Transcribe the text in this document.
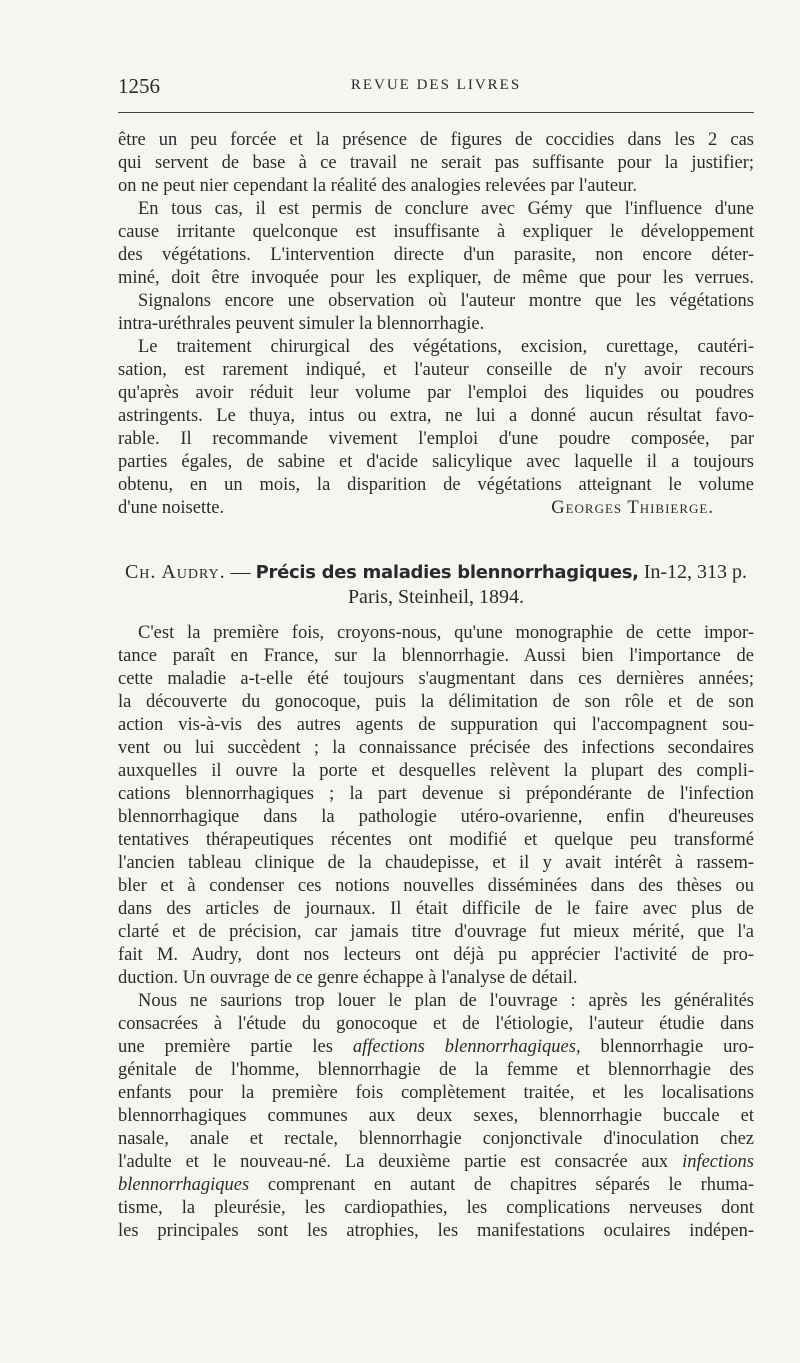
1256	REVUE DES LIVRES
être un peu forcée et la présence de figures de coccidies dans les 2 cas
qui servent de base à ce travail ne serait pas suffisante pour la justifier;
on ne peut nier cependant la réalité des analogies relevées par l'auteur.
En tous cas, il est permis de conclure avec Gémy que l'influence d'une
cause irritante quelconque est insuffisante à expliquer le développement
des végétations. L'intervention directe d'un parasite, non encore déter-
miné, doit être invoquée pour les expliquer, de même que pour les verrues.
Signalons encore une observation où l'auteur montre que les végétations
intra-uréthrales peuvent simuler la blennorrhagie.
Le traitement chirurgical des végétations, excision, curettage, cautéri-
sation, est rarement indiqué, et l'auteur conseille de n'y avoir recours
qu'après avoir réduit leur volume par l'emploi des liquides ou poudres
astringents. Le thuya, intus ou extra, ne lui a donné aucun résultat favo-
rable. Il recommande vivement l'emploi d'une poudre composée, par
parties égales, de sabine et d'acide salicylique avec laquelle il a toujours
obtenu, en un mois, la disparition de végétations atteignant le volume
d'une noisette.	Georges Thibierge.
Ch. Audry. — Précis des maladies blennorrhagiques, In-12, 313 p.
Paris, Steinheil, 1894.
C'est la première fois, croyons-nous, qu'une monographie de cette impor-
tance paraît en France, sur la blennorrhagie. Aussi bien l'importance de
cette maladie a-t-elle été toujours s'augmentant dans ces dernières années;
la découverte du gonocoque, puis la délimitation de son rôle et de son
action vis-à-vis des autres agents de suppuration qui l'accompagnent sou-
vent ou lui succèdent ; la connaissance précisée des infections secondaires
auxquelles il ouvre la porte et desquelles relèvent la plupart des compli-
cations blennorrhagiques ; la part devenue si prépondérante de l'infection
blennorrhagique dans la pathologie utéro-ovarienne, enfin d'heureuses
tentatives thérapeutiques récentes ont modifié et quelque peu transformé
l'ancien tableau clinique de la chaudepisse, et il y avait intérêt à rassem-
bler et à condenser ces notions nouvelles disséminées dans des thèses ou
dans des articles de journaux. Il était difficile de le faire avec plus de
clarté et de précision, car jamais titre d'ouvrage fut mieux mérité, que l'a
fait M. Audry, dont nos lecteurs ont déjà pu apprécier l'activité de pro-
duction. Un ouvrage de ce genre échappe à l'analyse de détail.
Nous ne saurions trop louer le plan de l'ouvrage : après les généralités
consacrées à l'étude du gonocoque et de l'étiologie, l'auteur étudie dans
une première partie les affections blennorrhagiques, blennorrhagie uro-
génitale de l'homme, blennorrhagie de la femme et blennorrhagie des
enfants pour la première fois complètement traitée, et les localisations
blennorrhagiques communes aux deux sexes, blennorrhagie buccale et
nasale, anale et rectale, blennorrhagie conjonctivale d'inoculation chez
l'adulte et le nouveau-né. La deuxième partie est consacrée aux infections
blennorrhagiques comprenant en autant de chapitres séparés le rhuma-
tisme, la pleurésie, les cardiopathies, les complications nerveuses dont
les principales sont les atrophies, les manifestations oculaires indépen-
